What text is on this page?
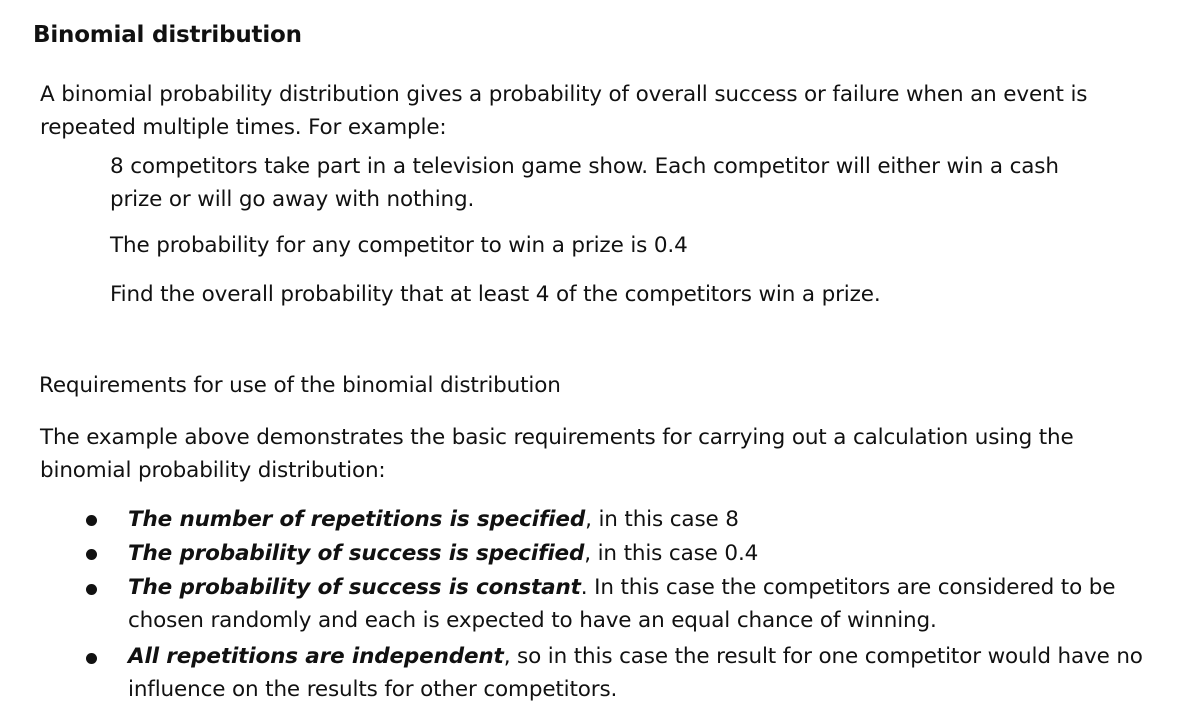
Binomial distribution
A binomial probability distribution gives a probability of overall success or failure when an event is
repeated multiple times. For example:
8 competitors take part in a television game show. Each competitor will either win a cash
prize or will go away with nothing.
The probability for any competitor to win a prize is 0.4
Find the overall probability that at least 4 of the competitors win a prize.
Requirements for use of the binomial distribution
The example above demonstrates the basic requirements for carrying out a calculation using the
binomial probability distribution:
The number of repetitions is specified, in this case 8
The probability of success is specified, in this case 0.4
The probability of success is constant. In this case the competitors are considered to be
chosen randomly and each is expected to have an equal chance of winning.
All repetitions are independent, so in this case the result for one competitor would have no
influence on the results for other competitors.
